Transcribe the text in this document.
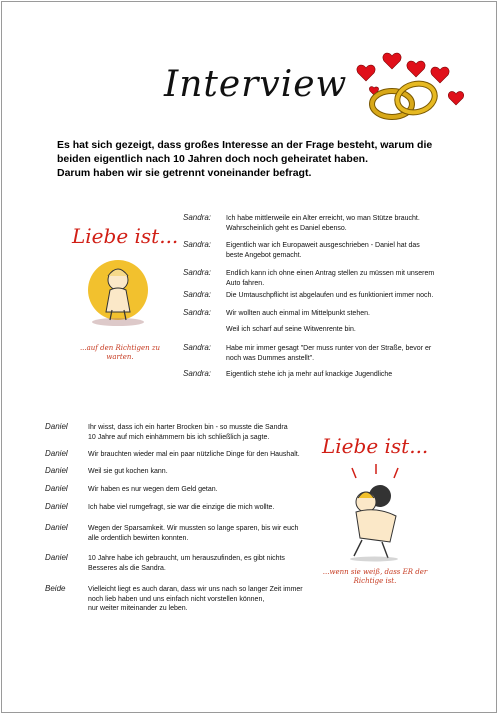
Interview
Es hat sich gezeigt, dass großes Interesse an der Frage besteht, warum die
beiden eigentlich nach 10 Jahren doch noch geheiratet haben.
Darum haben wir sie getrennt voneinander befragt.
Liebe ist...
...auf den Richtigen zu warten.
Liebe ist...
...wenn sie weiß, dass ER der Richtige ist.
Sandra: Ich habe mittlerweile ein Alter erreicht, wo man Stütze braucht.
Wahrscheinlich geht es Daniel ebenso.
Sandra: Eigentlich war ich Europaweit ausgeschrieben - Daniel hat das
beste Angebot gemacht.
Sandra: Endlich kann ich ohne einen Antrag stellen zu müssen mit unserem
Auto fahren.
Sandra: Die Umtauschpflicht ist abgelaufen und es funktioniert immer noch.
Sandra: Wir wollten auch einmal im Mittelpunkt stehen.
Weil ich scharf auf seine Witwenrente bin.
Sandra: Habe mir immer gesagt "Der muss runter von der Straße, bevor er
noch was Dummes anstellt".
Sandra: Eigentlich stehe ich ja mehr auf knackige Jugendliche
Daniel	Ihr wisst, dass ich ein harter Brocken bin - so musste die Sandra
10 Jahre auf mich einhämmern bis ich schließlich ja sagte.
Daniel	Wir brauchten wieder mal ein paar nützliche Dinge für den Haushalt.
Daniel	Weil sie gut kochen kann.
Daniel	Wir haben es nur wegen dem Geld getan.
Daniel	Ich habe viel rumgefragt, sie war die einzige die mich wollte.
Daniel	Wegen der Sparsamkeit. Wir mussten so lange sparen, bis wir euch
alle ordentlich bewirten konnten.
Daniel	10 Jahre habe ich gebraucht, um herauszufinden, es gibt nichts
Besseres als die Sandra.
Beide	Vielleicht liegt es auch daran, dass wir uns nach so langer Zeit immer
noch lieb haben und uns einfach nicht vorstellen können,
nur weiter miteinander zu leben.
